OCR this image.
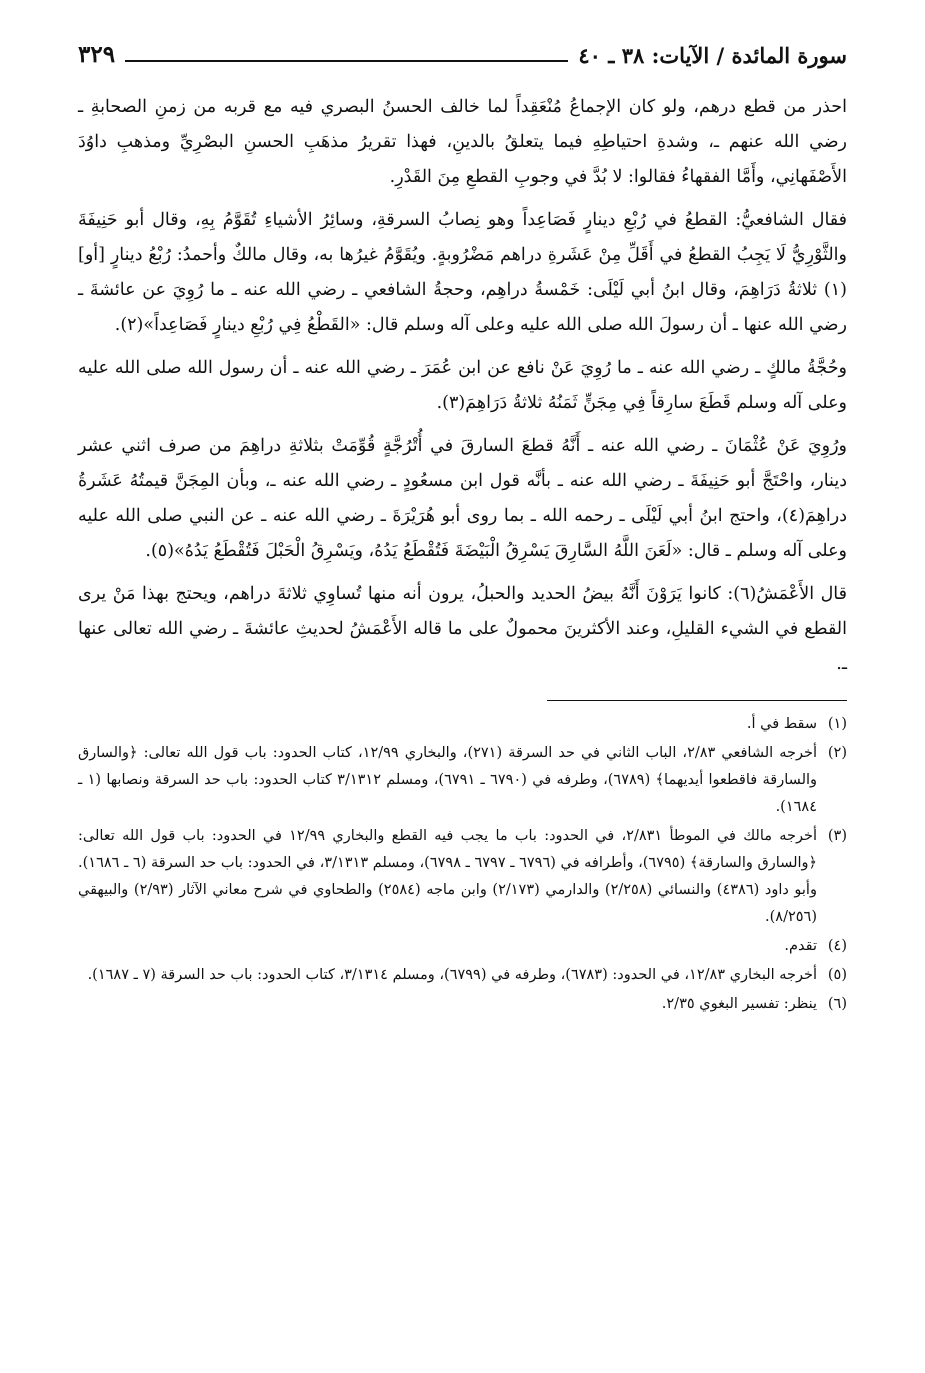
سورة المائدة / الآيات: ٣٨ ـ ٤٠
٣٢٩

احذر من قطع درهم، ولو كان الإجماعُ مُنْعَقِداً لما خالف الحسنُ البصري فيه مع قربه من زمنِ الصحابةِ ـ رضي الله عنهم ـ، وشدةِ احتياطِهِ فيما يتعلقُ بالدينِ، فهذا تقريرُ مذهَبِ الحسنِ البصْرِيِّ ومذهبِ داوُدَ الأَصْفَهانِي، وأَمَّا الفقهاءُ فقالوا: لا بُدَّ في وجوبِ القطعِ مِنَ القَدْرِ.

فقال الشافعيُّ: القطعُ في رُبْعِ دينارٍ فَصَاعِداً وهو نِصابُ السرقةِ، وسائِرُ الأشياءِ تُقَوَّمُ بِهِ، وقال أبو حَنِيفَةَ والثَّوْرِيُّ لَا يَجِبُ القطعُ في أَقَلِّ مِنْ عَشَرةِ دراهم مَضْرُوبةٍ. ويُقَوَّمُ غيرُها به، وقال مالكٌ وأحمدُ: رُبْعُ دينارٍ [أو](١) ثلاثةُ دَرَاهِمَ، وقال ابنُ أبي لَيْلَى: خَمْسةُ دراهِم، وحجةُ الشافعي ـ رضي الله عنه ـ ما رُوِيَ عن عائشةَ ـ رضي الله عنها ـ أن رسولَ الله صلى الله عليه وعلى آله وسلم قال: «القَطْعُ فِي رُبْعِ دينارٍ فَصَاعِداً»(٢).

وحُجَّةُ مالكٍ ـ رضي الله عنه ـ ما رُوِيَ عَنْ نافع عن ابن عُمَرَ ـ رضي الله عنه ـ أن رسول الله صلى الله عليه وعلى آله وسلم قَطَعَ سارِقاً فِي مِجَنٍّ ثَمَنُهُ ثلاثةُ دَرَاهِمَ(٣).

ورُوِيَ عَنْ عُثْمَانَ ـ رضي الله عنه ـ أَنَّهُ قطعَ السارقَ في أُتْرُجَّةٍ قُوِّمَتْ بثلاثةِ دراهِمَ من صرف اثني عشر دينار، واحْتَجَّ أبو حَنِيفَةَ ـ رضي الله عنه ـ بأنَّه قول ابن مسعُودٍ ـ رضي الله عنه ـ، وبأن المِجَنَّ قيمتُهُ عَشَرةُ دراهِمَ(٤)، واحتج ابنُ أبي لَيْلَى ـ رحمه الله ـ بما روى أبو هُرَيْرَةَ ـ رضي الله عنه ـ عن النبي صلى الله عليه وعلى آله وسلم ـ قال: «لَعَنَ اللَّهُ السَّارِقَ يَسْرِقُ الْبَيْضَةَ فَتُقْطَعُ يَدُهُ، ويَسْرِقُ الْحَبْلَ فَتُقْطَعُ يَدُهُ»(٥).

قال الأَعْمَشُ(٦): كانوا يَرَوْنَ أَنَّهُ بيضُ الحديد والحبلُ، يرون أنه منها تُساوِي ثلاثةَ دراهم، ويحتج بهذا مَنْ يرى القطع في الشيء القليلِ، وعند الأكثرينَ محمولٌ على ما قاله الأَعْمَشُ لحديثِ عائشةَ ـ رضي الله تعالى عنها ـ.

(١)
سقط في أ.
(٢)
أخرجه الشافعي ٢/٨٣، الباب الثاني في حد السرقة (٢٧١)، والبخاري ١٢/٩٩، كتاب الحدود: باب قول الله تعالى: ﴿والسارق والسارقة فاقطعوا أيديهما﴾ (٦٧٨٩)، وطرفه في (٦٧٩٠ ـ ٦٧٩١)، ومسلم ٣/١٣١٢ كتاب الحدود: باب حد السرقة ونصابها (١ ـ ١٦٨٤).
(٣)
أخرجه مالك في الموطأ ٢/٨٣١، في الحدود: باب ما يجب فيه القطع والبخاري ١٢/٩٩ في الحدود: باب قول الله تعالى: ﴿والسارق والسارقة﴾ (٦٧٩٥)، وأطرافه في (٦٧٩٦ ـ ٦٧٩٧ ـ ٦٧٩٨)، ومسلم ٣/١٣١٣، في الحدود: باب حد السرقة (٦ ـ ١٦٨٦). وأبو داود (٤٣٨٦) والنسائي (٢/٢٥٨) والدارمي (٢/١٧٣) وابن ماجه (٢٥٨٤) والطحاوي في شرح معاني الآثار (٢/٩٣) والبيهقي (٨/٢٥٦).
(٤)
تقدم.
(٥)
أخرجه البخاري ١٢/٨٣، في الحدود: (٦٧٨٣)، وطرفه في (٦٧٩٩)، ومسلم ٣/١٣١٤، كتاب الحدود: باب حد السرقة (٧ ـ ١٦٨٧).
(٦)
ينظر: تفسير البغوي ٢/٣٥.
